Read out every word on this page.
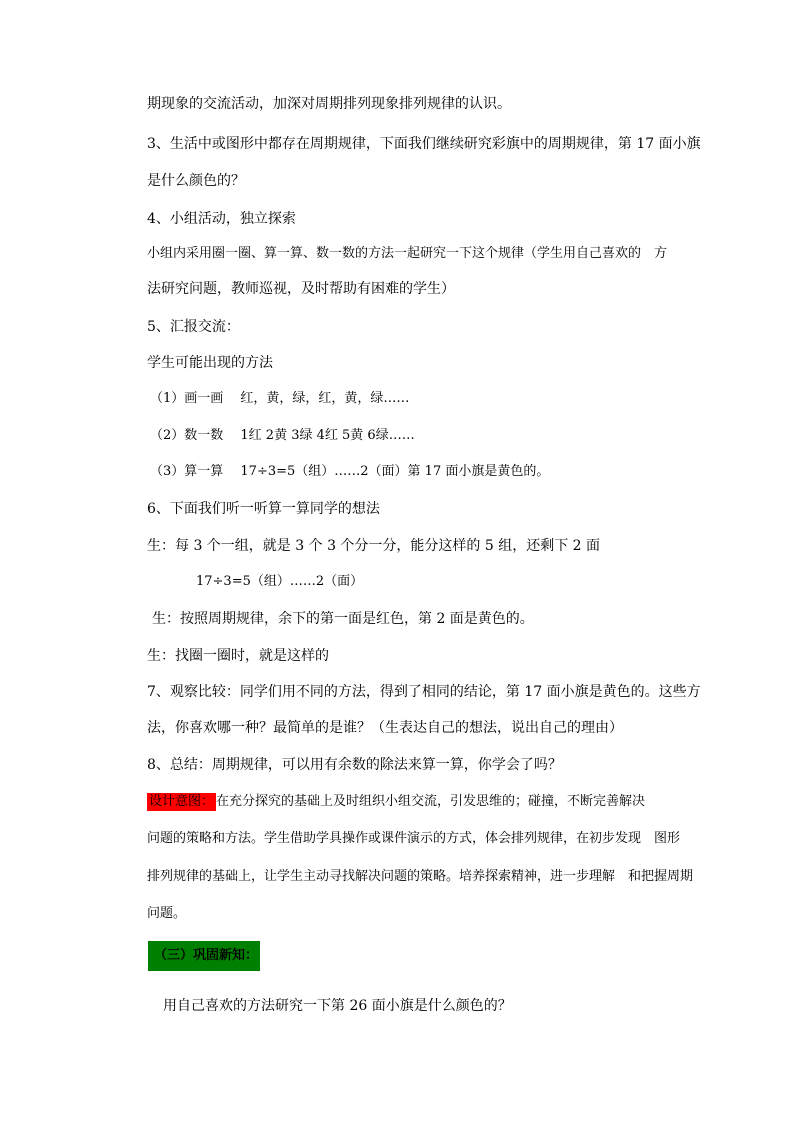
期现象的交流活动，加深对周期排列现象排列规律的认识。
3、生活中或图形中都存在周期规律，下面我们继续研究彩旗中的周期规律，第 17 面小旗
是什么颜色的？
4、小组活动，独立探索
小组内采用圈一圈、算一算、数一数的方法一起研究一下这个规律（学生用自己喜欢的　方
法研究问题，教师巡视，及时帮助有困难的学生）
5、汇报交流：
学生可能出现的方法
（1）画一画　 红，黄，绿，红，黄，绿……
（2）数一数　 1红 2黄 3绿 4红 5黄 6绿……
（3）算一算　 17÷3=5（组）……2（面）第 17 面小旗是黄色的。
6、下面我们听一听算一算同学的想法
生：每 3 个一组，就是 3 个 3 个分一分，能分这样的 5 组，还剩下 2 面
17÷3=5（组）……2（面）
生：按照周期规律，余下的第一面是红色，第 2 面是黄色的。
生：找圈一圈时，就是这样的
7、观察比较：同学们用不同的方法，得到了相同的结论，第 17 面小旗是黄色的。这些方
法，你喜欢哪一种？最简单的是谁？（生表达自己的想法，说出自己的理由）
8、总结：周期规律，可以用有余数的除法来算一算，你学会了吗？
设计意图： 在充分探究的基础上及时组织小组交流，引发思维的；碰撞，不断完善解决
问题的策略和方法。学生借助学具操作或课件演示的方式，体会排列规律，在初步发现　图形
排列规律的基础上，让学生主动寻找解决问题的策略。培养探索精神，进一步理解　和把握周期
问题。
（三）巩固新知：
用自己喜欢的方法研究一下第 26 面小旗是什么颜色的？
